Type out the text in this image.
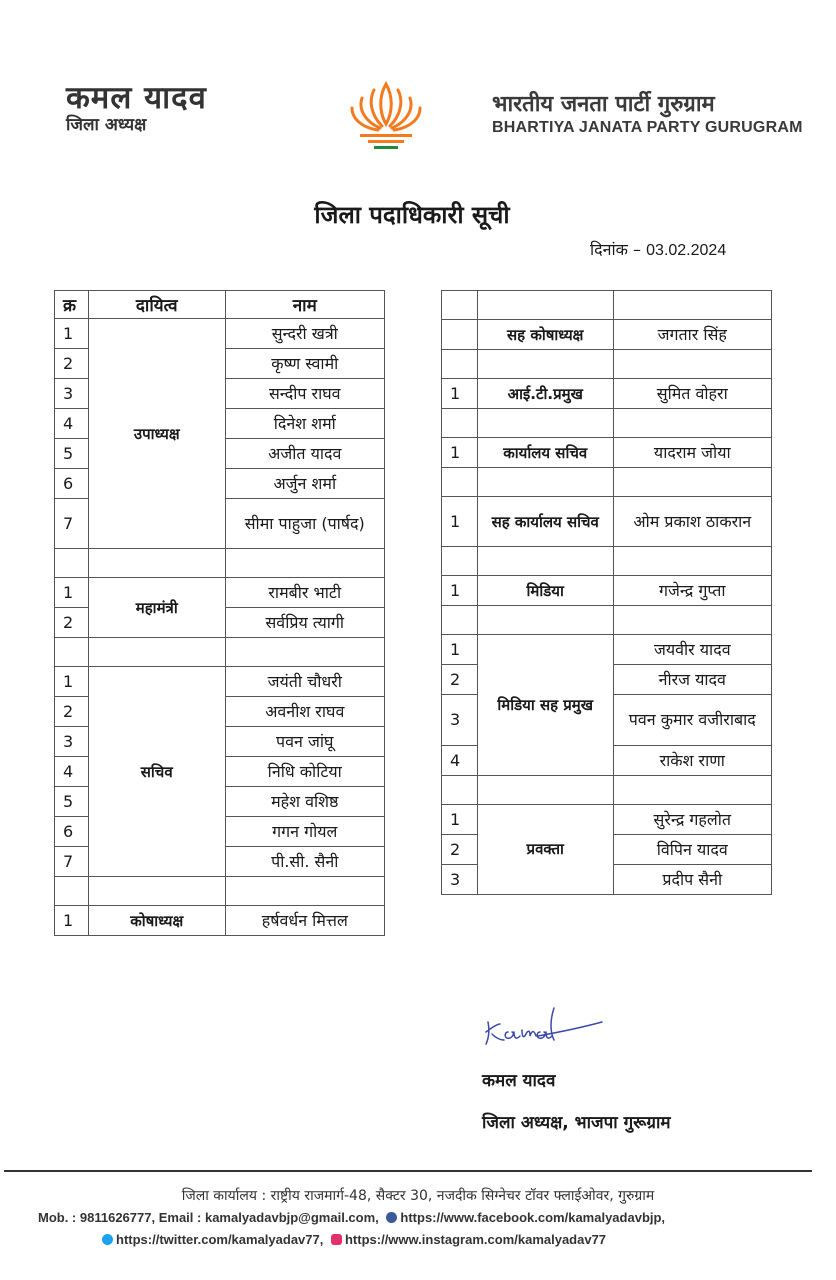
कमल यादव
जिला अध्यक्ष
भारतीय जनता पार्टी गुरुग्राम
BHARTIYA JANATA PARTY GURUGRAM
जिला पदाधिकारी सूची
दिनांक – 03.02.2024
क्र	दायित्व	नाम
1	उपाध्यक्ष	सुन्दरी खत्री
2		कृष्ण स्वामी
3		सन्दीप राघव
4		दिनेश शर्मा
5		अजीत यादव
6		अर्जुन शर्मा
7		सीमा पाहुजा (पार्षद)

1	महामंत्री	रामबीर भाटी
2		सर्वप्रिय त्यागी

1	सचिव	जयंती चौधरी
2		अवनीश राघव
3		पवन जांघू
4		निधि कोटिया
5		महेश वशिष्ठ
6		गगन गोयल
7		पी.सी. सैनी

1	कोषाध्यक्ष	हर्षवर्धन मित्तल

	सह कोषाध्यक्ष	जगतार सिंह

1	आई.टी.प्रमुख	सुमित वोहरा

1	कार्यालय सचिव	यादराम जोया

1	सह कार्यालय सचिव	ओम प्रकाश ठाकरान

1	मिडिया	गजेन्द्र गुप्ता

1	मिडिया सह प्रमुख	जयवीर यादव
2		नीरज यादव
3		पवन कुमार वजीराबाद
4		राकेश राणा

1	प्रवक्ता	सुरेन्द्र गहलोत
2		विपिन यादव
3		प्रदीप सैनी
कमल यादव
जिला अध्यक्ष, भाजपा गुरूग्राम
जिला कार्यालय : राष्ट्रीय राजमार्ग-48, सैक्टर 30, नजदीक सिग्नेचर टॉवर फ्लाईओवर, गुरुग्राम
Mob. : 9811626777, Email : kamalyadavbjp@gmail.com, https://www.facebook.com/kamalyadavbjp,
https://twitter.com/kamalyadav77, https://www.instagram.com/kamalyadav77
